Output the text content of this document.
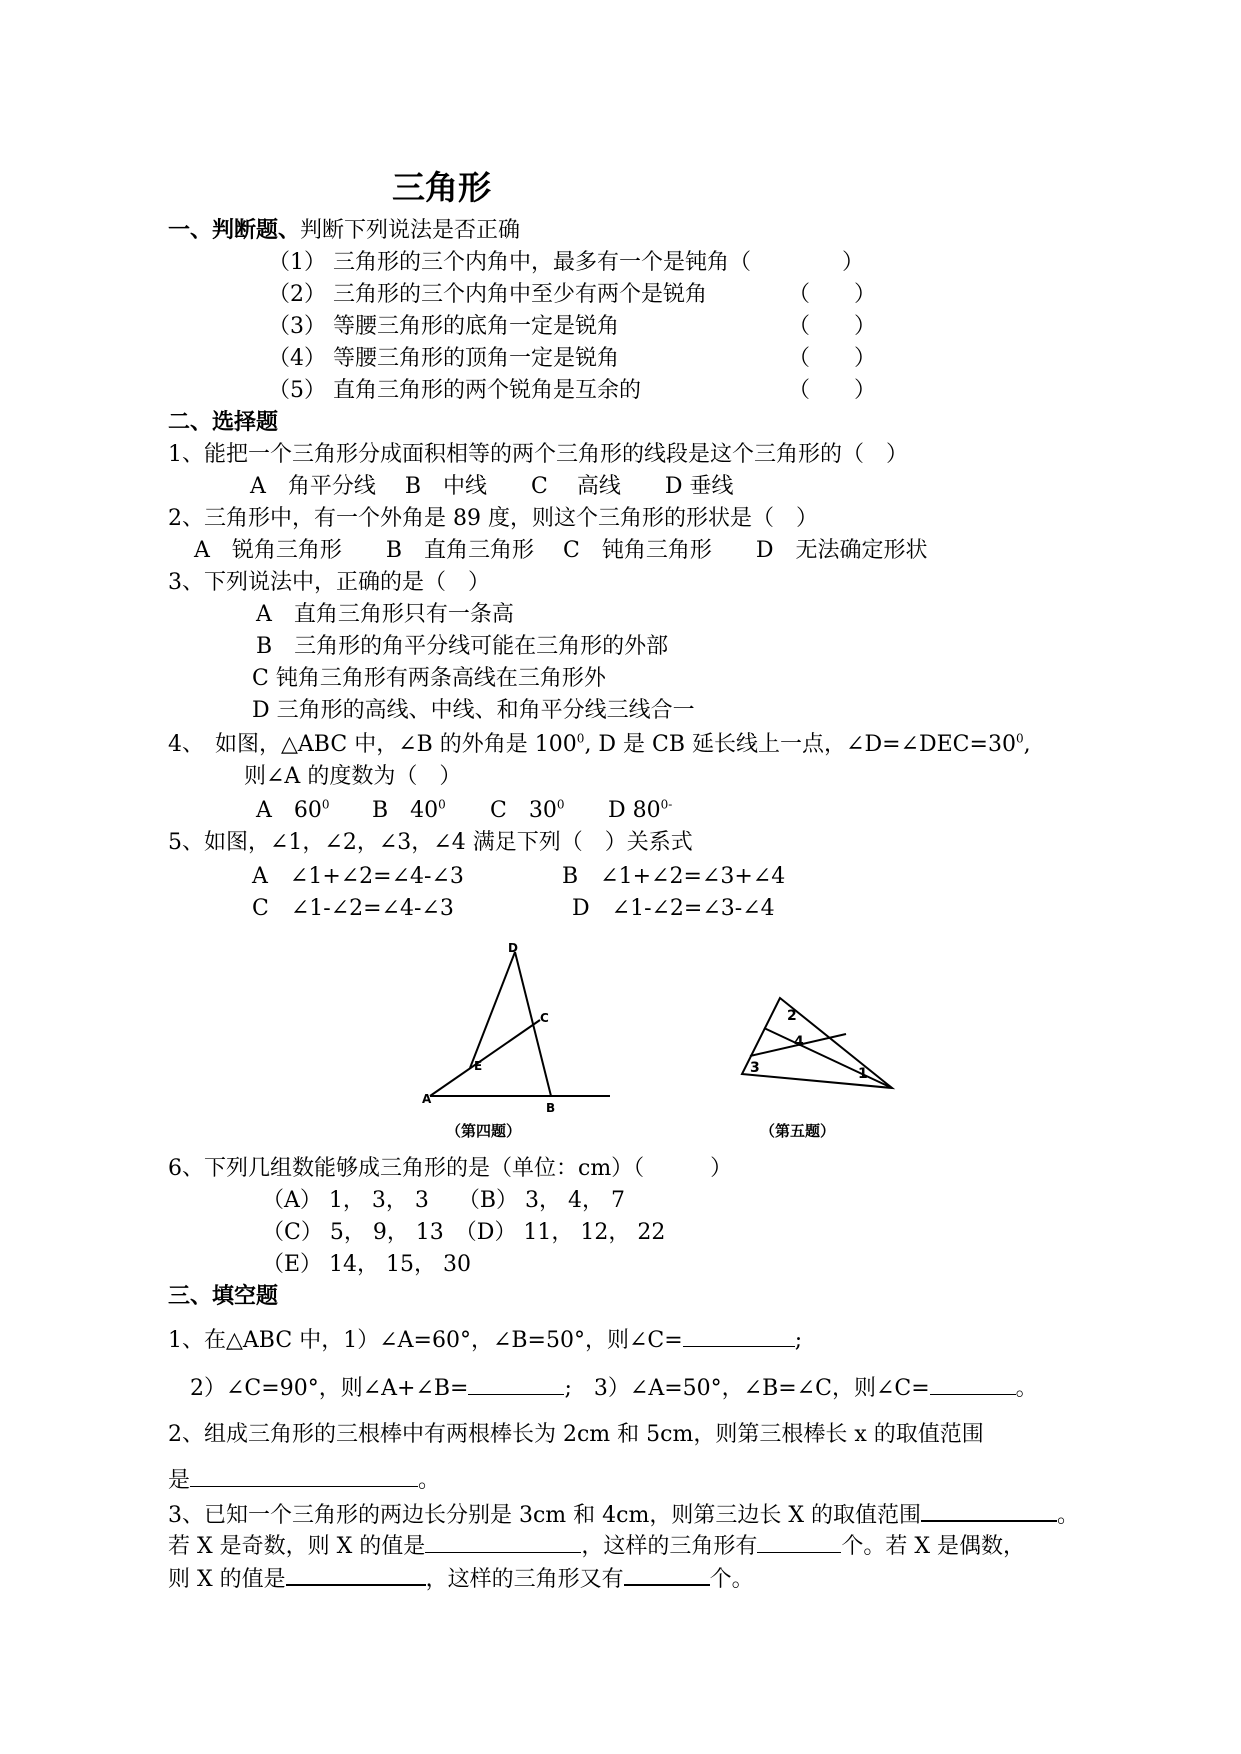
三角形
一、判断题、判断下列说法是否正确
（1） 三角形的三个内角中，最多有一个是钝角（	）
（2） 三角形的三个内角中至少有两个是锐角	（　　）
（3） 等腰三角形的底角一定是锐角	（　　）
（4） 等腰三角形的顶角一定是锐角	（　　）
（5） 直角三角形的两个锐角是互余的	（　　）
二、选择题
1、能把一个三角形分成面积相等的两个三角形的线段是这个三角形的（　）
A　角平分线　 B　中线　　C　 高线　　D 垂线
2、三角形中，有一个外角是 89 度，则这个三角形的形状是（　）
A　锐角三角形　　B　直角三角形　 C　钝角三角形　　D　无法确定形状
3、下列说法中，正确的是（　）
A　直角三角形只有一条高
B　三角形的角平分线可能在三角形的外部
C 钝角三角形有两条高线在三角形外
D 三角形的高线、中线、和角平分线三线合一
4、　如图，△ABC 中，∠B 的外角是 $100^0$, D 是 CB 延长线上一点，$\angle D=\angle DEC=30^0$,
则∠A 的度数为（　）
A　$60^0$ B　$40^0$ C　$30^0$ D $80^{0-}$
5、如图，∠1，∠2，∠3，∠4 满足下列（　）关系式
A　∠1+∠2=∠4-∠3	B　∠1+∠2=∠3+∠4
C　∠1-∠2=∠4-∠3	D　∠1-∠2=∠3-∠4
D
C
E
A
B
（第四题）
2
4
3	1
（第五题）
6、下列几组数能够成三角形的是（单位：cm）（　　　）
（A） 1， 3， 3　 （B） 3， 4， 7
（C） 5， 9， 13　（D） 11， 12， 22
（E） 14， 15， 30
三、填空题
1、在△ABC 中，1）∠A=60°，∠B=50°，则∠C=	;
2）∠C=90°，则∠A+∠B=	;　3）∠A=50°，∠B=∠C，则∠C=	。
2、组成三角形的三根棒中有两根棒长为 2cm 和 5cm，则第三根棒长 x 的取值范围
是	。
3、已知一个三角形的两边长分别是 3cm 和 4cm，则第三边长 X 的取值范围	。
若 X 是奇数，则 X 的值是	，这样的三角形有	个。若 X 是偶数，
则 X 的值是	，这样的三角形又有	个。
